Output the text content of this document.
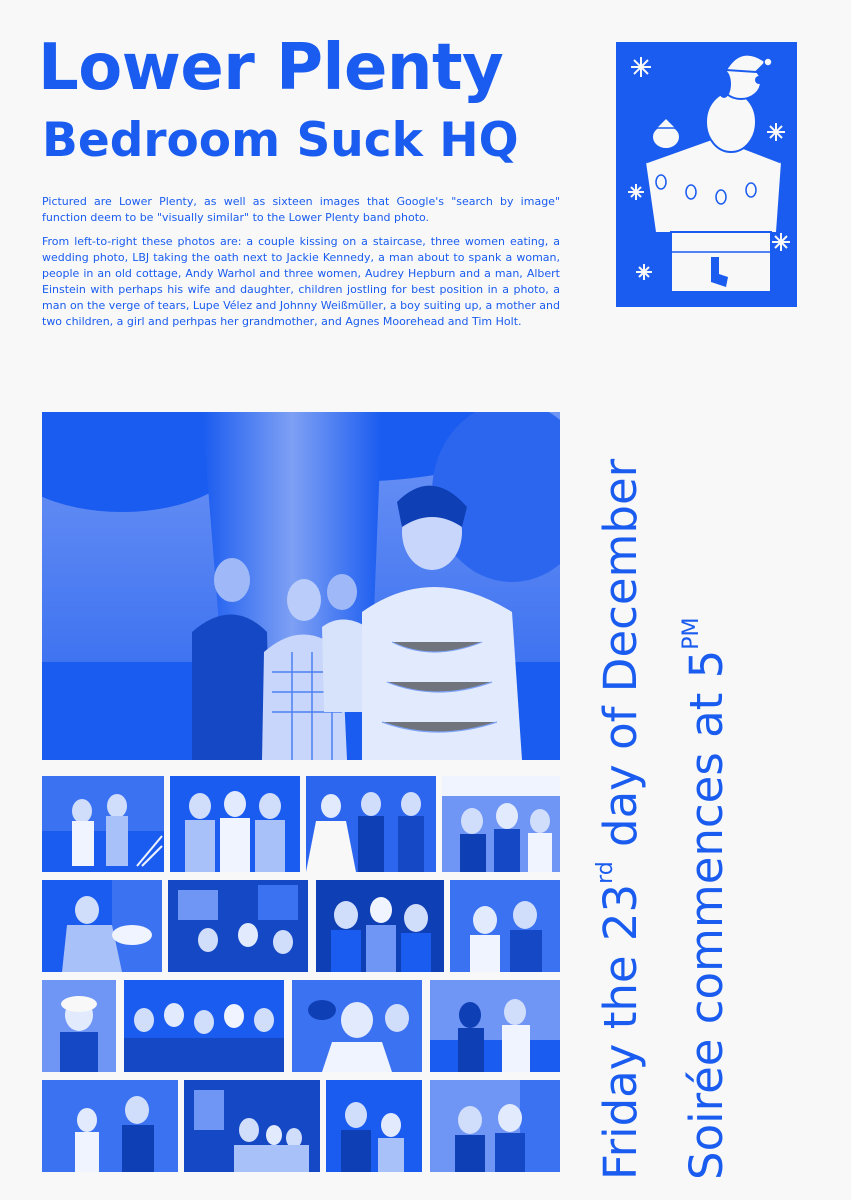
Lower Plenty
Bedroom Suck HQ

Pictured are Lower Plenty, as well as sixteen images that Google's "search by image" function deem to be "visually similar" to the Lower Plenty band photo.

From left-to-right these photos are: a couple kissing on a staircase, three women eating, a wedding photo, LBJ taking the oath next to Jackie Kennedy, a man about to spank a woman, people in an old cottage, Andy Warhol and three women, Audrey Hepburn and a man, Albert Einstein with perhaps his wife and daughter, children jostling for best position in a photo, a man on the verge of tears, Lupe Vélez and Johnny Weißmüller, a boy suiting up, a mother and two children, a girl and perhpas her grandmother, and Agnes Moorehead and Tim Holt.

Friday the 23rd day of December Soirée commences at $5^{PM}$
